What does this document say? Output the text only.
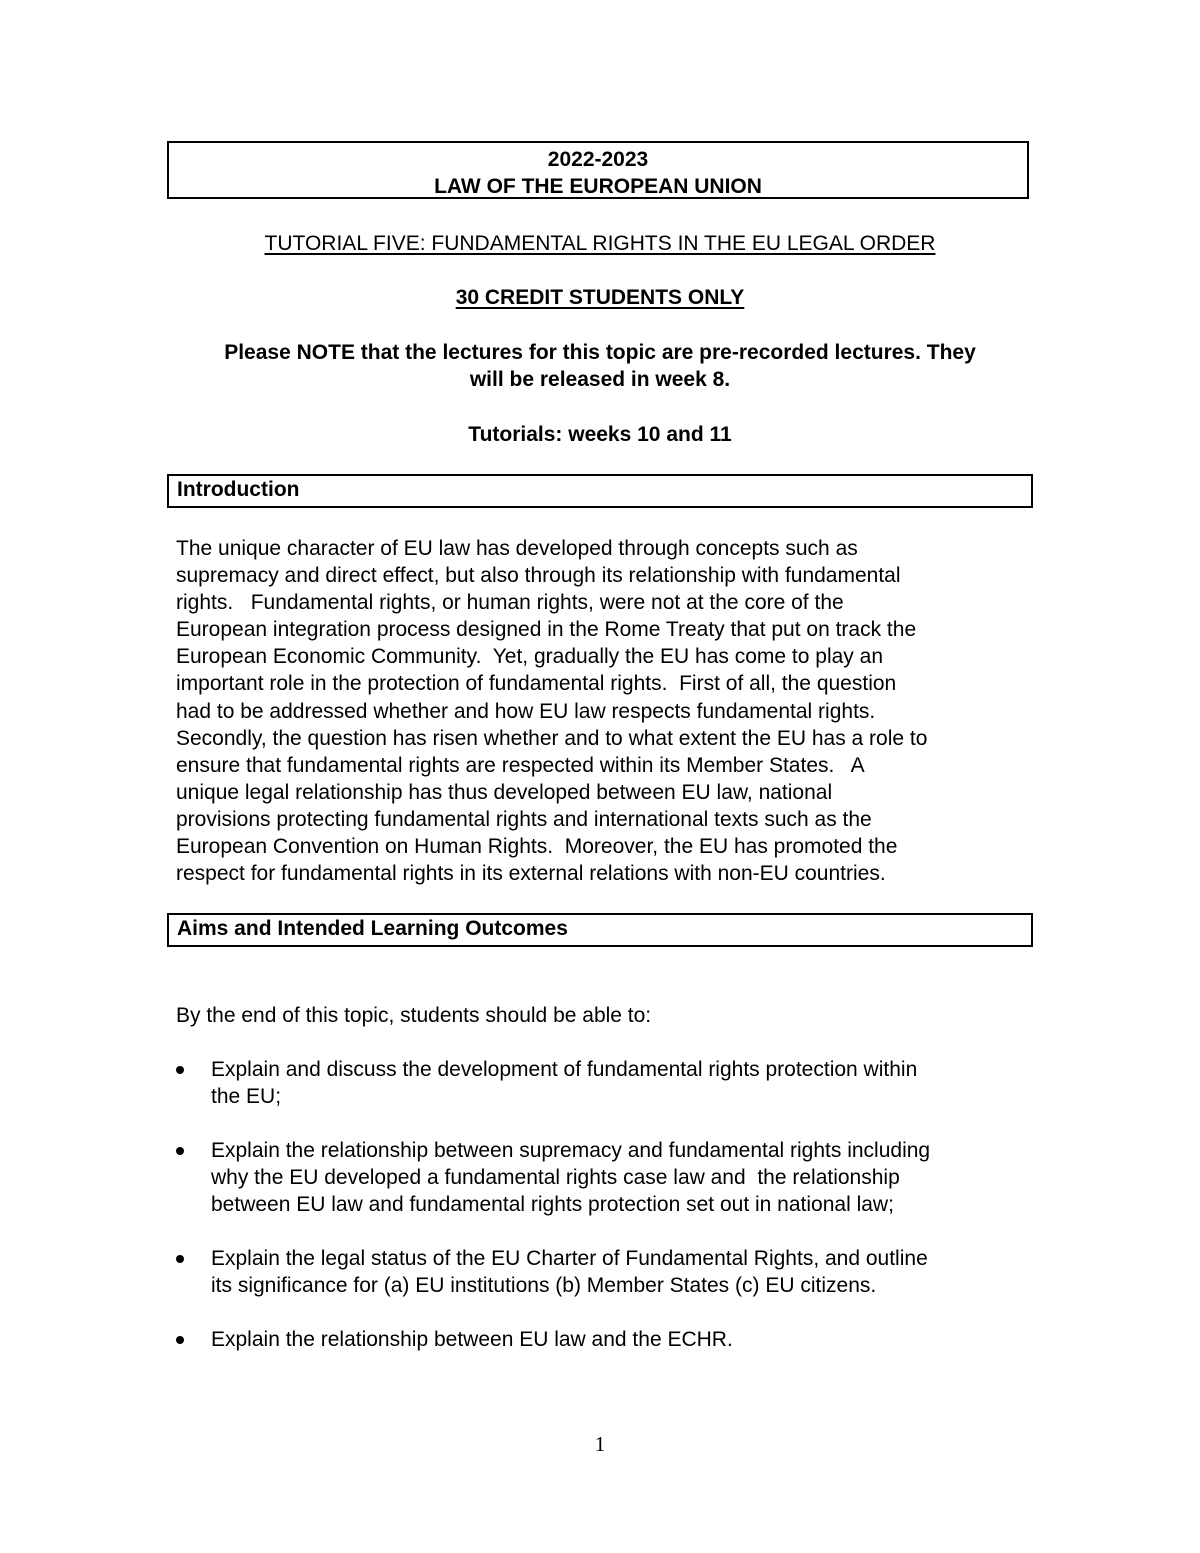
2022-2023
LAW OF THE EUROPEAN UNION
TUTORIAL FIVE: FUNDAMENTAL RIGHTS IN THE EU LEGAL ORDER
30 CREDIT STUDENTS ONLY
Please NOTE that the lectures for this topic are pre-recorded lectures. They
will be released in week 8.
Tutorials: weeks 10 and 11
Introduction
The unique character of EU law has developed through concepts such as
supremacy and direct effect, but also through its relationship with fundamental
rights.   Fundamental rights, or human rights, were not at the core of the
European integration process designed in the Rome Treaty that put on track the
European Economic Community.  Yet, gradually the EU has come to play an
important role in the protection of fundamental rights.  First of all, the question
had to be addressed whether and how EU law respects fundamental rights.
Secondly, the question has risen whether and to what extent the EU has a role to
ensure that fundamental rights are respected within its Member States.   A
unique legal relationship has thus developed between EU law, national
provisions protecting fundamental rights and international texts such as the
European Convention on Human Rights.  Moreover, the EU has promoted the
respect for fundamental rights in its external relations with non-EU countries.
Aims and Intended Learning Outcomes
By the end of this topic, students should be able to:
Explain and discuss the development of fundamental rights protection within
the EU;
Explain the relationship between supremacy and fundamental rights including
why the EU developed a fundamental rights case law and  the relationship
between EU law and fundamental rights protection set out in national law;
Explain the legal status of the EU Charter of Fundamental Rights, and outline
its significance for (a) EU institutions (b) Member States (c) EU citizens.
Explain the relationship between EU law and the ECHR.
1
